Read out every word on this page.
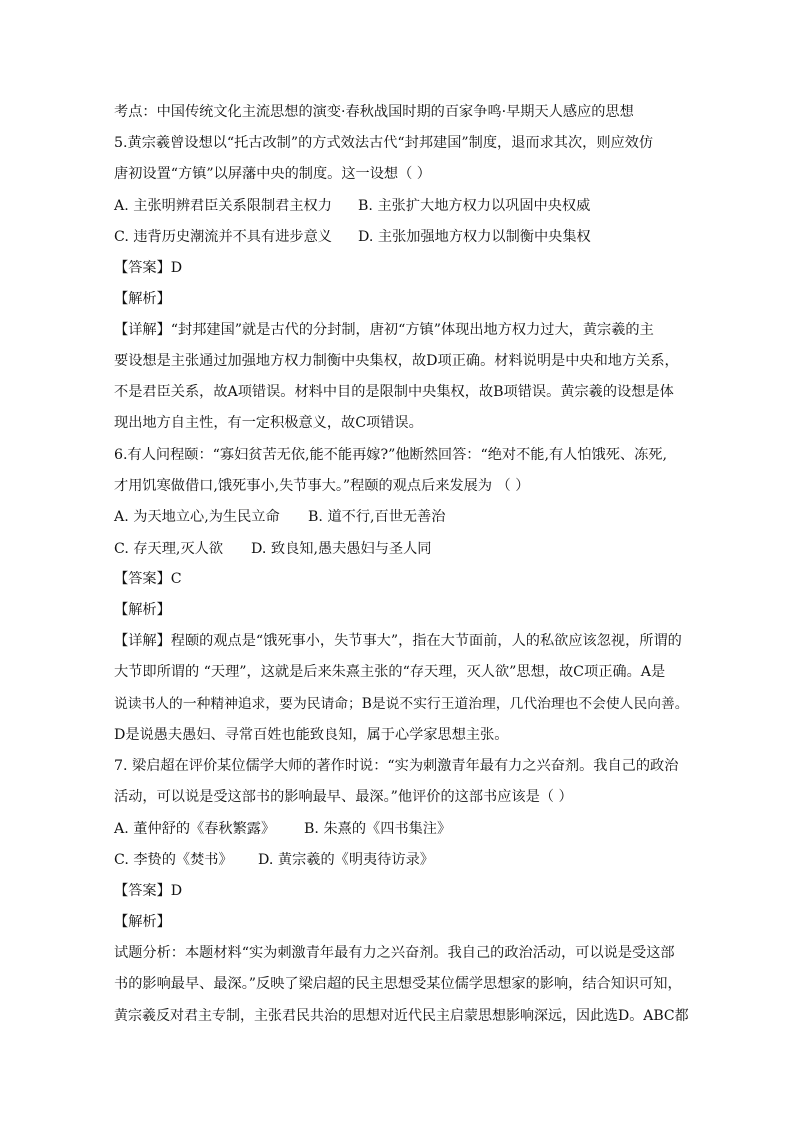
考点：中国传统文化主流思想的演变·春秋战国时期的百家争鸣·早期天人感应的思想
5.黄宗羲曾设想以“托古改制”的方式效法古代“封邦建国”制度，退而求其次，则应效仿
唐初设置“方镇”以屏藩中央的制度。这一设想（ ）
A. 主张明辨君臣关系限制君主权力 B. 主张扩大地方权力以巩固中央权威
C. 违背历史潮流并不具有进步意义 D. 主张加强地方权力以制衡中央集权
【答案】D
【解析】
【详解】“封邦建国”就是古代的分封制，唐初“方镇”体现出地方权力过大，黄宗羲的主
要设想是主张通过加强地方权力制衡中央集权，故D项正确。材料说明是中央和地方关系，
不是君臣关系，故A项错误。材料中目的是限制中央集权，故B项错误。黄宗羲的设想是体
现出地方自主性，有一定积极意义，故C项错误。
6.有人问程颐：“寡妇贫苦无依,能不能再嫁?”他断然回答：“绝对不能,有人怕饿死、冻死,
才用饥寒做借口,饿死事小,失节事大。”程颐的观点后来发展为 （ ）
A. 为天地立心,为生民立命 B. 道不行,百世无善治
C. 存天理,灭人欲 D. 致良知,愚夫愚妇与圣人同
【答案】C
【解析】
【详解】程颐的观点是“饿死事小，失节事大”，指在大节面前，人的私欲应该忽视，所谓的
大节即所谓的 “天理”，这就是后来朱熹主张的“存天理，灭人欲”思想，故C项正确。A是
说读书人的一种精神追求，要为民请命；B是说不实行王道治理，几代治理也不会使人民向善。
D是说愚夫愚妇、寻常百姓也能致良知，属于心学家思想主张。
7. 梁启超在评价某位儒学大师的著作时说：“实为刺激青年最有力之兴奋剂。我自己的政治
活动，可以说是受这部书的影响最早、最深。”他评价的这部书应该是（ ）
A. 董仲舒的《春秋繁露》 B. 朱熹的《四书集注》
C. 李贽的《焚书》 D. 黄宗羲的《明夷待访录》
【答案】D
【解析】
试题分析：本题材料“实为刺激青年最有力之兴奋剂。我自己的政治活动，可以说是受这部
书的影响最早、最深。”反映了梁启超的民主思想受某位儒学思想家的影响，结合知识可知，
黄宗羲反对君主专制，主张君民共治的思想对近代民主启蒙思想影响深远，因此选D。ABC都
